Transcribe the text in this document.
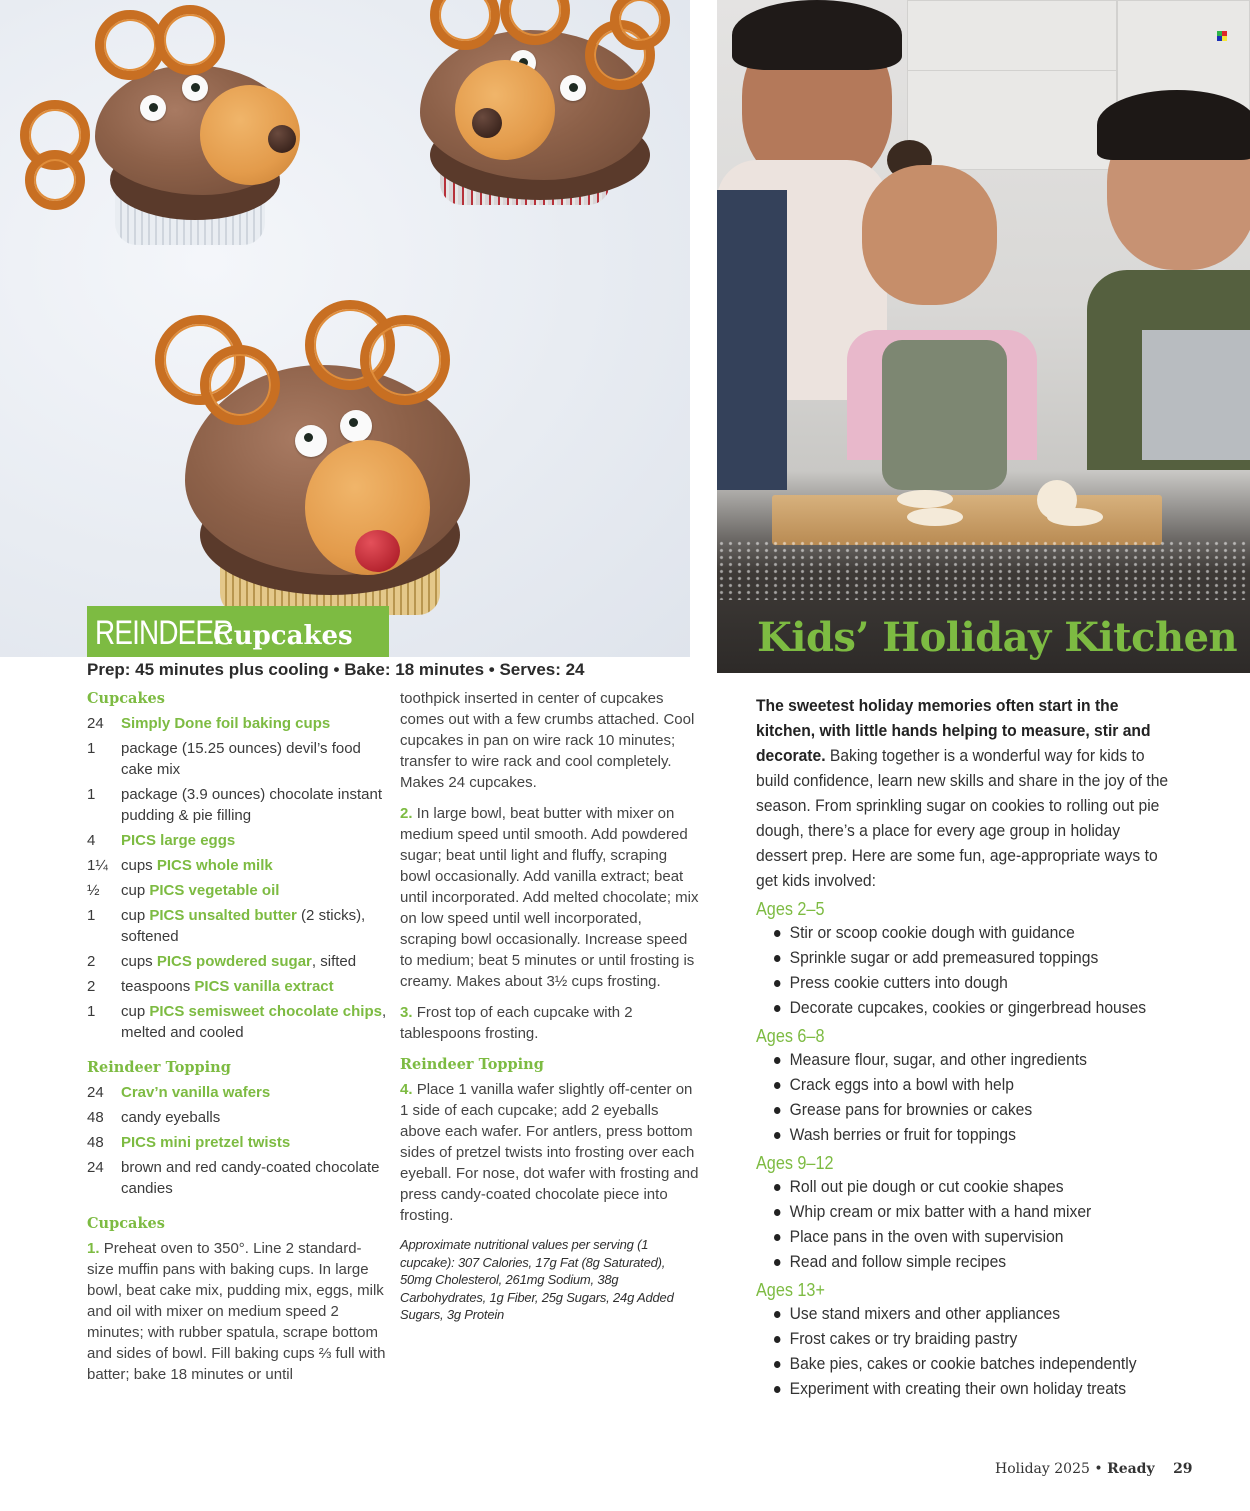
REINDEER
Cupcakes	Kids’ Holiday Kitchen
Prep: 45 minutes plus cooling • Bake: 18 minutes • Serves: 24
Cupcakes
24	Simply Done foil baking cups
1	package (15.25 ounces) devil’s food cake mix
1	package (3.9 ounces) chocolate instant pudding & pie filling
4	PICS large eggs
1¼ cups PICS whole milk
½	cup PICS vegetable oil
1	cup PICS unsalted butter (2 sticks), softened
2	cups PICS powdered sugar, sifted
2	teaspoons PICS vanilla extract
1	cup PICS semisweet chocolate chips, melted and cooled
Reindeer Topping
24	Crav’n vanilla wafers
48	candy eyeballs
48	PICS mini pretzel twists
24	brown and red candy-coated chocolate candies
Cupcakes

1. Preheat oven to 350°. Line 2 standard-size muffin pans with baking cups. In large bowl, beat cake mix, pudding mix, eggs, milk and oil with mixer on medium speed 2 minutes; with rubber spatula, scrape bottom and sides of bowl. Fill baking cups ⅔ full with batter; bake 18 minutes or until

toothpick inserted in center of cupcakes comes out with a few crumbs attached. Cool cupcakes in pan on wire rack 10 minutes; transfer to wire rack and cool completely. Makes 24 cupcakes.

2. In large bowl, beat butter with mixer on medium speed until smooth. Add powdered sugar; beat until light and fluffy, scraping bowl occasionally. Add vanilla extract; beat until incorporated. Add melted chocolate; mix on low speed until well incorporated, scraping bowl occasionally. Increase speed to medium; beat 5 minutes or until frosting is creamy. Makes about 3½ cups frosting.

3. Frost top of each cupcake with 2 tablespoons frosting.

Reindeer Topping

4. Place 1 vanilla wafer slightly off-center on 1 side of each cupcake; add 2 eyeballs above each wafer. For antlers, press bottom sides of pretzel twists into frosting over each eyeball. For nose, dot wafer with frosting and press candy-coated chocolate piece into frosting.

Approximate nutritional values per serving (1 cupcake): 307 Calories, 17g Fat (8g Saturated), 50mg Cholesterol, 261mg Sodium, 38g Carbohydrates, 1g Fiber, 25g Sugars, 24g Added Sugars, 3g Protein

The sweetest holiday memories often start in the kitchen, with little hands helping to measure, stir and decorate. Baking together is a wonderful way for kids to build confidence, learn new skills and share in the joy of the season. From sprinkling sugar on cookies to rolling out pie dough, there’s a place for every age group in holiday dessert prep. Here are some fun, age-appropriate ways to get kids involved:

Ages 2–5
Stir or scoop cookie dough with guidance
Sprinkle sugar or add premeasured toppings
Press cookie cutters into dough
Decorate cupcakes, cookies or gingerbread houses
Ages 6–8
Measure flour, sugar, and other ingredients
Crack eggs into a bowl with help
Grease pans for brownies or cakes
Wash berries or fruit for toppings
Ages 9–12
Roll out pie dough or cut cookie shapes
Whip cream or mix batter with a hand mixer
Place pans in the oven with supervision
Read and follow simple recipes
Ages 13+
Use stand mixers and other appliances
Frost cakes or try braiding pastry
Bake pies, cakes or cookie batches independently
Experiment with creating their own holiday treats
Holiday 2025 • Ready 29
